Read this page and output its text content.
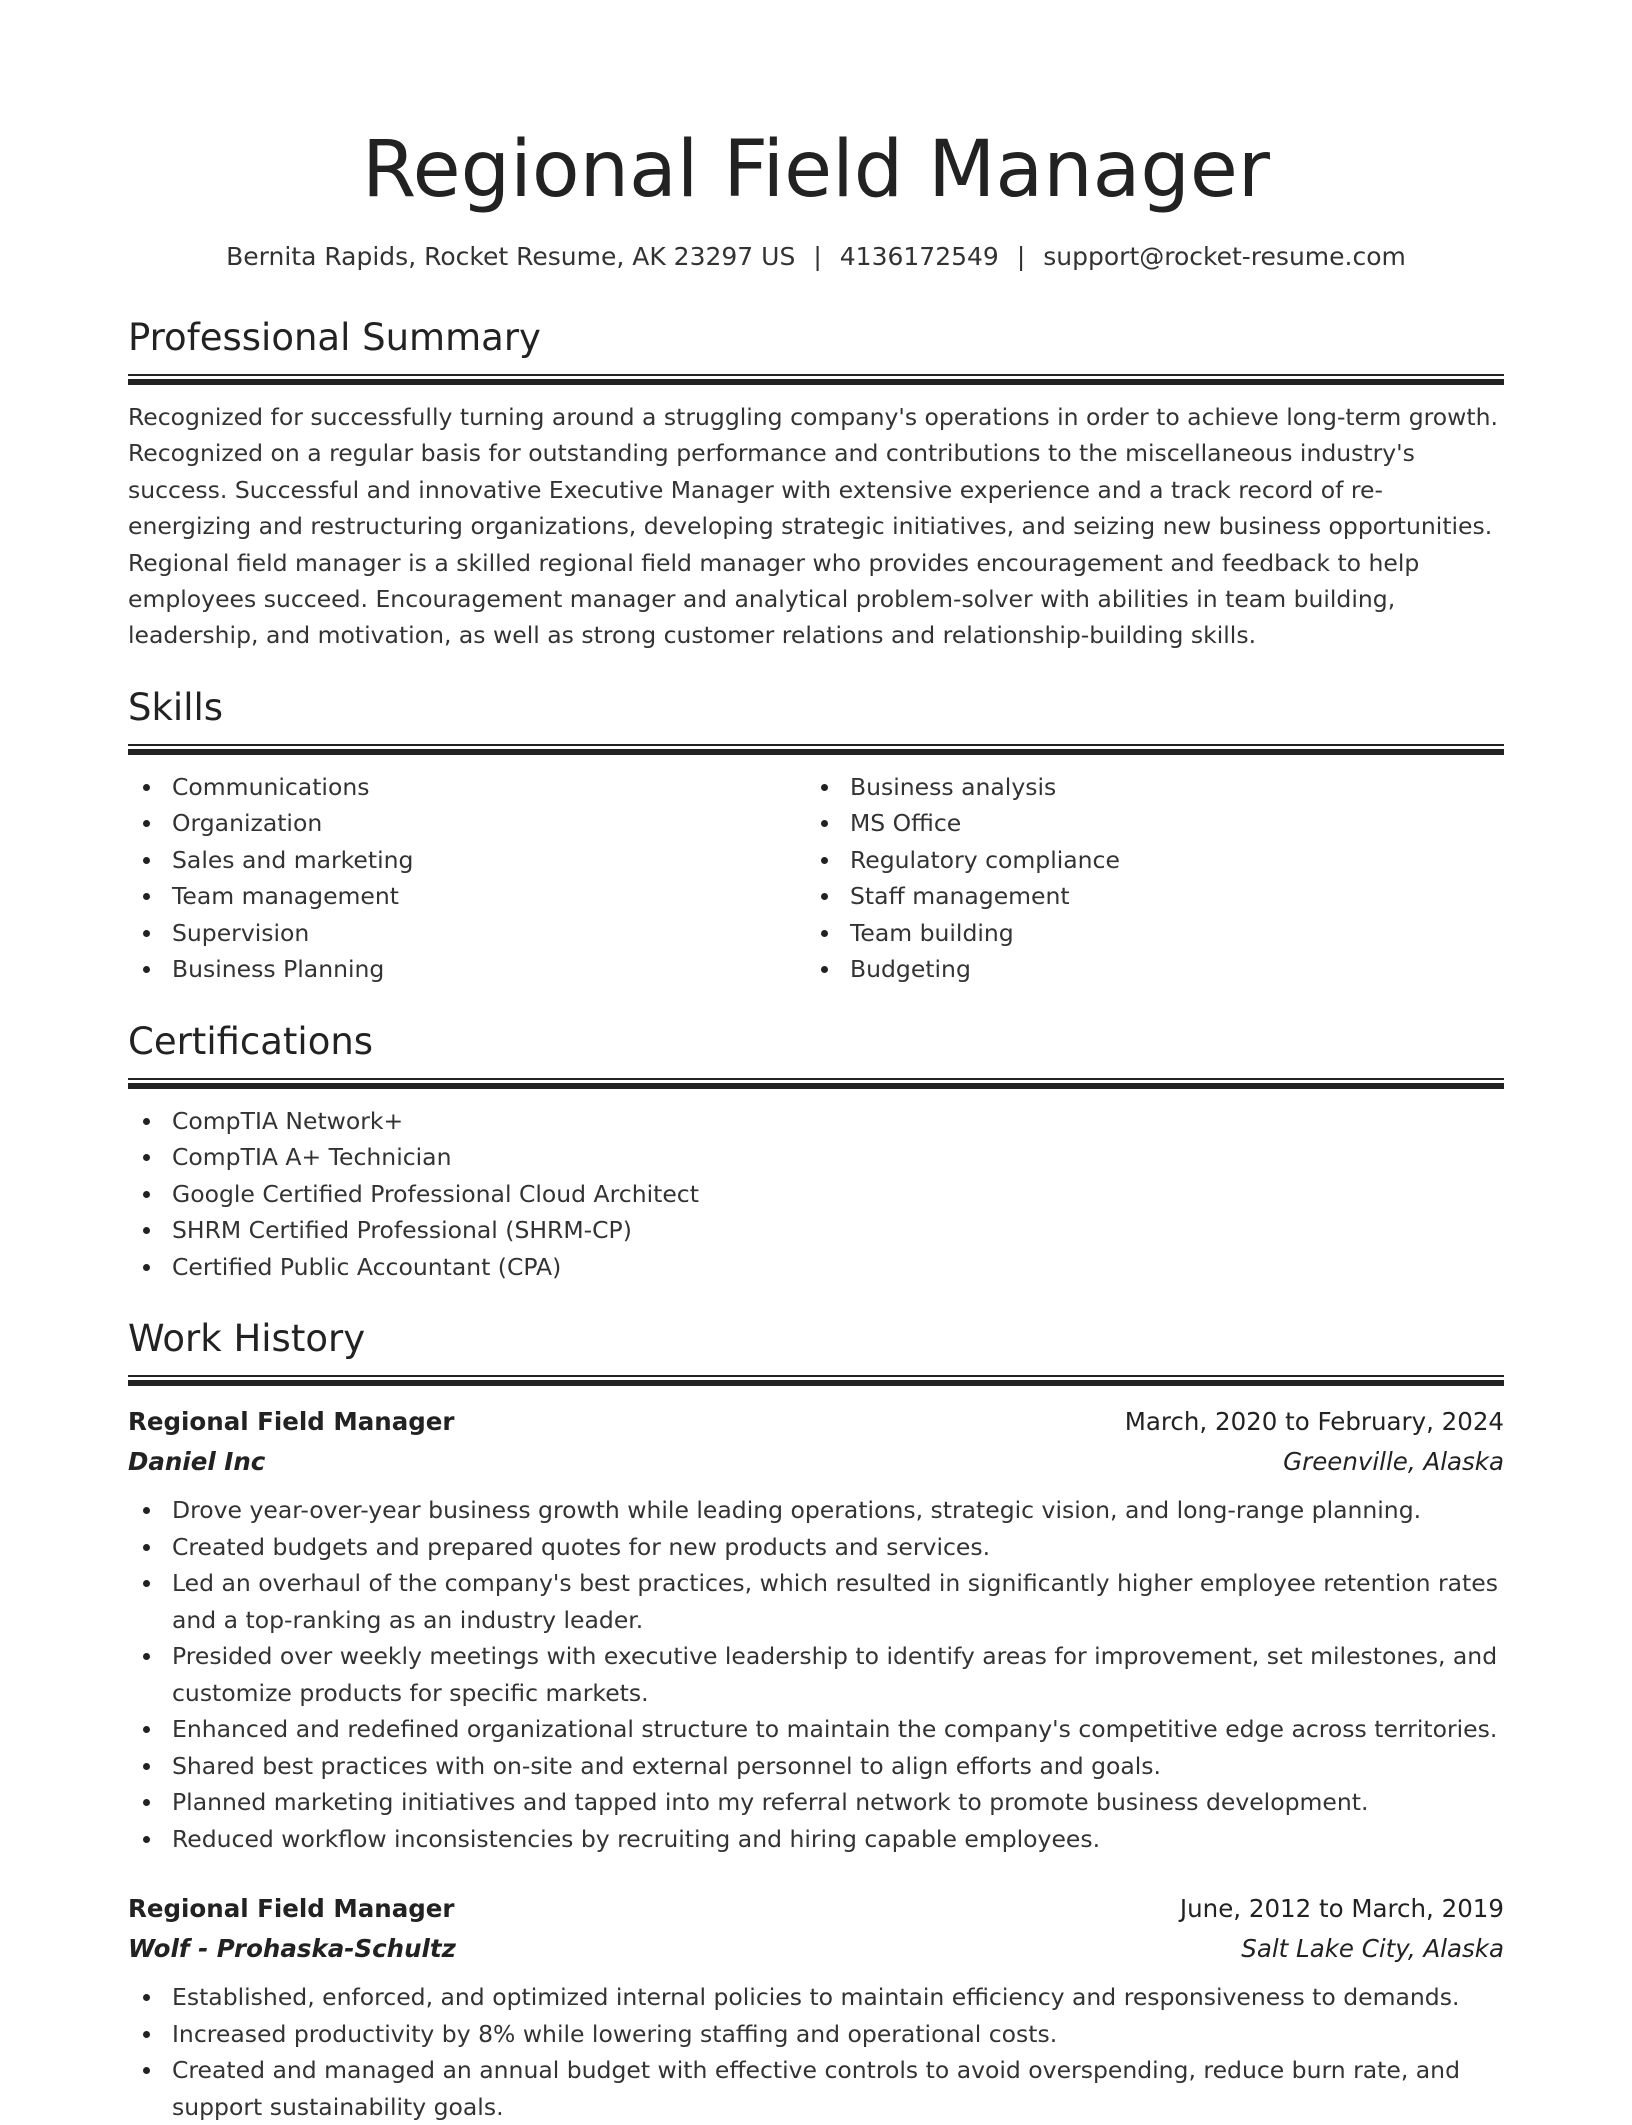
Regional Field Manager
Bernita Rapids, Rocket Resume, AK 23297 US | 4136172549 | support@rocket-resume.com
Professional Summary
Recognized for successfully turning around a struggling company's operations in order to achieve long-term growth. Recognized on a regular basis for outstanding performance and contributions to the miscellaneous industry's success. Successful and innovative Executive Manager with extensive experience and a track record of re-energizing and restructuring organizations, developing strategic initiatives, and seizing new business opportunities. Regional field manager is a skilled regional field manager who provides encouragement and feedback to help employees succeed. Encouragement manager and analytical problem-solver with abilities in team building, leadership, and motivation, as well as strong customer relations and relationship-building skills.
Skills
Communications
Organization
Sales and marketing
Team management
Supervision
Business Planning
Business analysis
MS Office
Regulatory compliance
Staff management
Team building
Budgeting
Certifications
CompTIA Network+
CompTIA A+ Technician
Google Certified Professional Cloud Architect
SHRM Certified Professional (SHRM-CP)
Certified Public Accountant (CPA)
Work History
Regional Field Manager	March, 2020 to February, 2024
Daniel Inc	Greenville, Alaska
Drove year-over-year business growth while leading operations, strategic vision, and long-range planning.
Created budgets and prepared quotes for new products and services.
Led an overhaul of the company's best practices, which resulted in significantly higher employee retention rates and a top-ranking as an industry leader.
Presided over weekly meetings with executive leadership to identify areas for improvement, set milestones, and customize products for specific markets.
Enhanced and redefined organizational structure to maintain the company's competitive edge across territories.
Shared best practices with on-site and external personnel to align efforts and goals.
Planned marketing initiatives and tapped into my referral network to promote business development.
Reduced workflow inconsistencies by recruiting and hiring capable employees.
Regional Field Manager	June, 2012 to March, 2019
Wolf - Prohaska-Schultz	Salt Lake City, Alaska
Established, enforced, and optimized internal policies to maintain efficiency and responsiveness to demands.
Increased productivity by 8% while lowering staffing and operational costs.
Created and managed an annual budget with effective controls to avoid overspending, reduce burn rate, and support sustainability goals.
